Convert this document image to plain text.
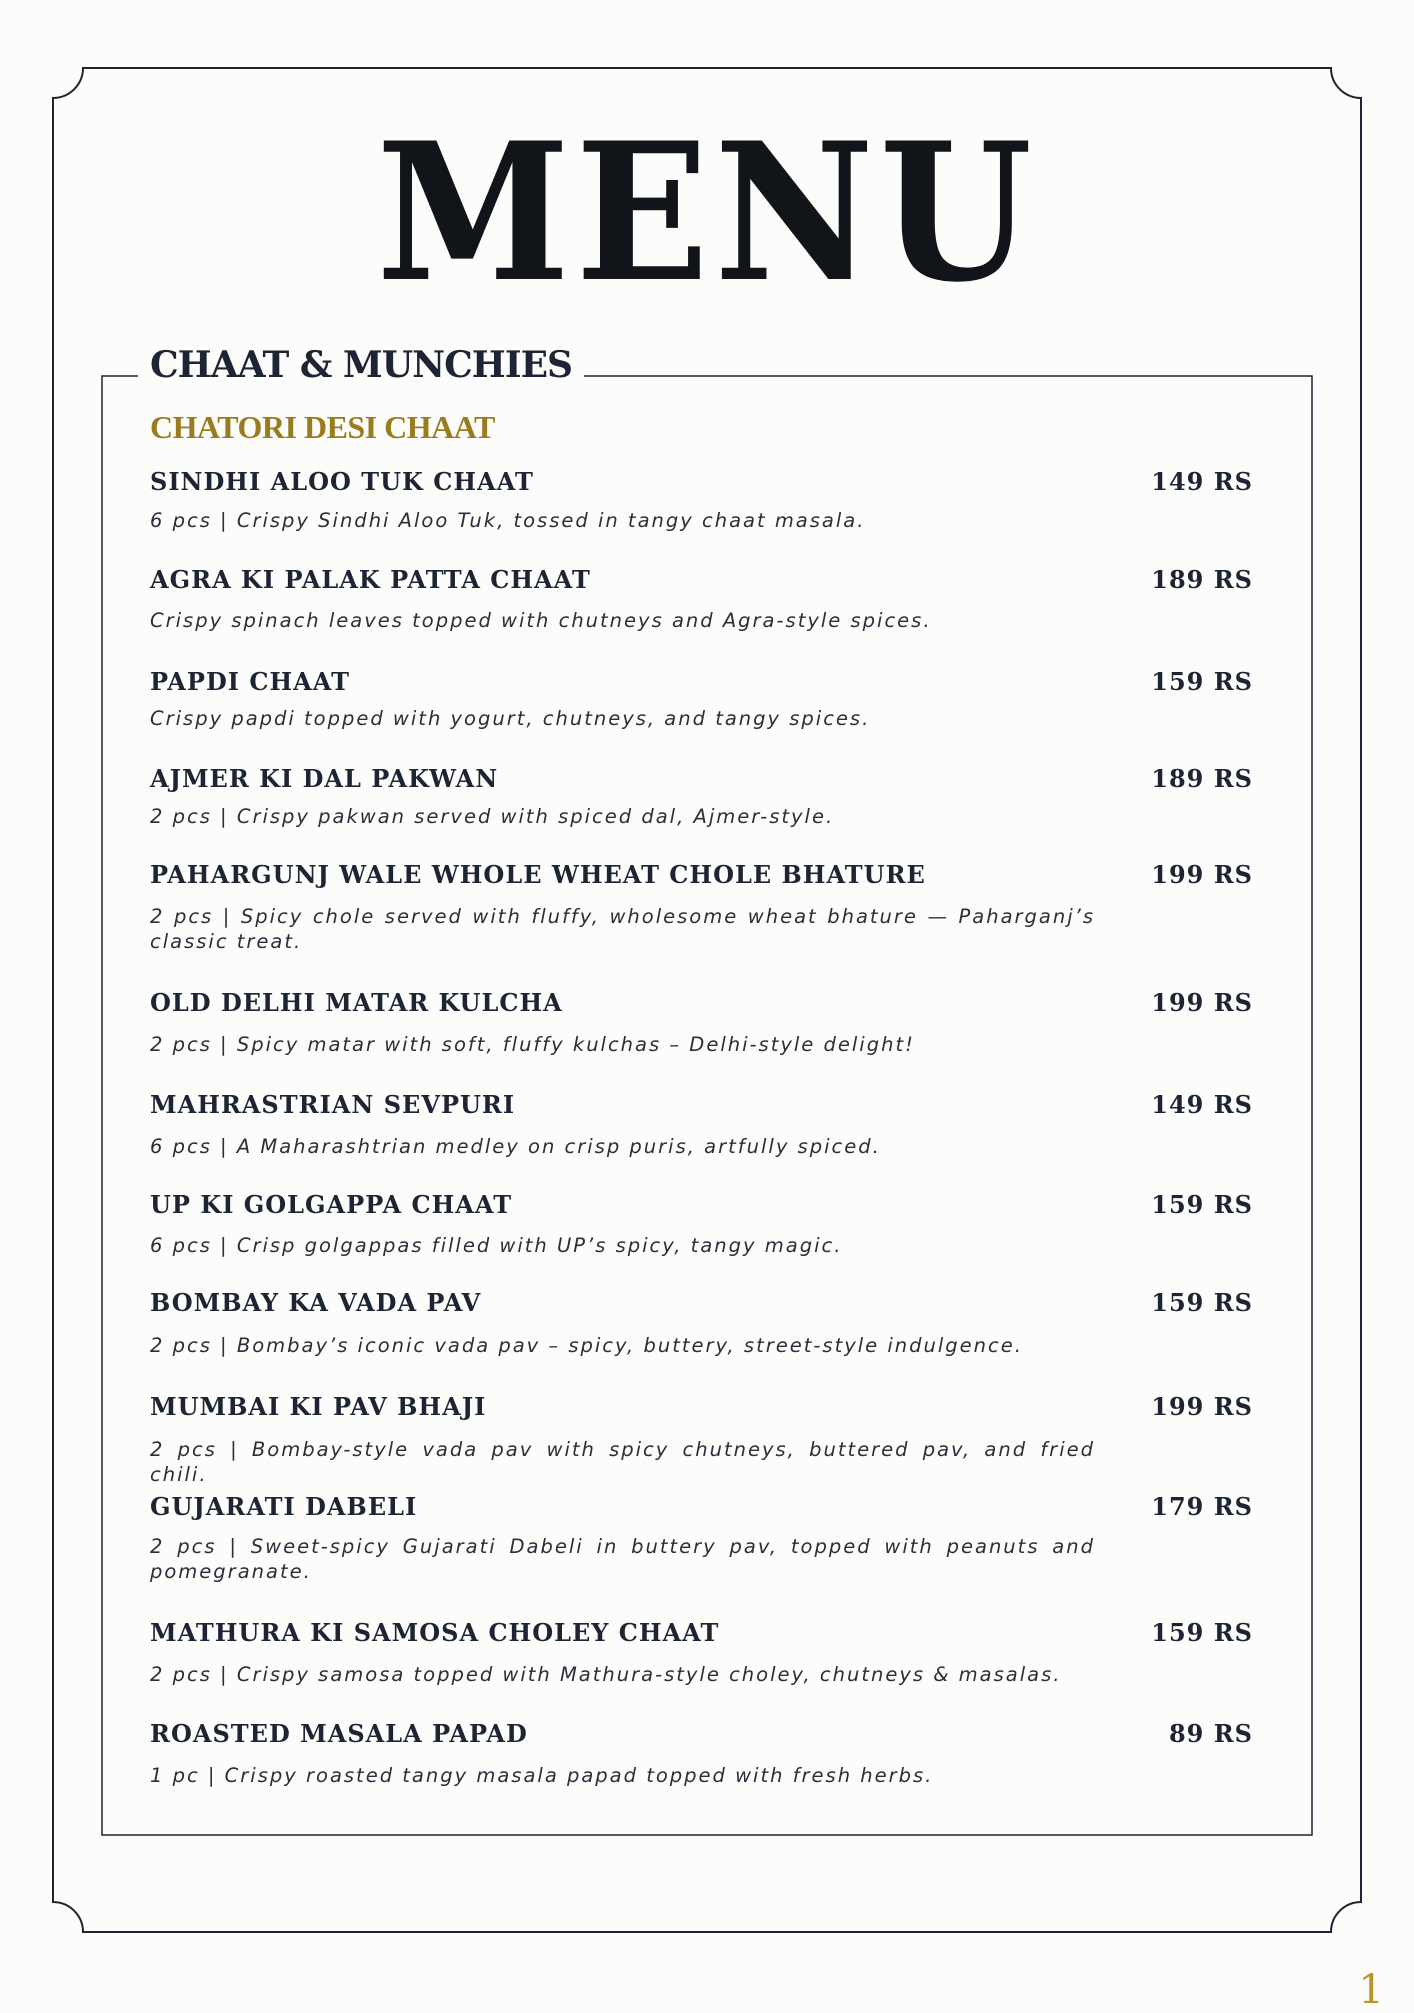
MENU
CHAAT & MUNCHIES
CHATORI DESI CHAAT
SINDHI ALOO TUK CHAAT	149 RS
6 pcs | Crispy Sindhi Aloo Tuk, tossed in tangy chaat masala.
AGRA KI PALAK PATTA CHAAT	189 RS
Crispy spinach leaves topped with chutneys and Agra-style spices.
PAPDI CHAAT	159 RS
Crispy papdi topped with yogurt, chutneys, and tangy spices.
AJMER KI DAL PAKWAN	189 RS
2 pcs | Crispy pakwan served with spiced dal, Ajmer-style.
PAHARGUNJ WALE WHOLE WHEAT CHOLE BHATURE	199 RS
2 pcs | Spicy chole served with fluffy, wholesome wheat bhature — Paharganj’s classic treat.
OLD DELHI MATAR KULCHA	199 RS
2 pcs | Spicy matar with soft, fluffy kulchas – Delhi-style delight!
MAHRASTRIAN SEVPURI	149 RS
6 pcs | A Maharashtrian medley on crisp puris, artfully spiced.
UP KI GOLGAPPA CHAAT	159 RS
6 pcs | Crisp golgappas filled with UP’s spicy, tangy magic.
BOMBAY KA VADA PAV	159 RS
2 pcs | Bombay’s iconic vada pav – spicy, buttery, street-style indulgence.
MUMBAI KI PAV BHAJI	199 RS
2 pcs | Bombay-style vada pav with spicy chutneys, buttered pav, and fried chili.
GUJARATI DABELI	179 RS
2 pcs | Sweet-spicy Gujarati Dabeli in buttery pav, topped with peanuts and pomegranate.
MATHURA KI SAMOSA CHOLEY CHAAT	159 RS
2 pcs | Crispy samosa topped with Mathura-style choley, chutneys & masalas.
ROASTED MASALA PAPAD	89 RS
1 pc | Crispy roasted tangy masala papad topped with fresh herbs.
1
